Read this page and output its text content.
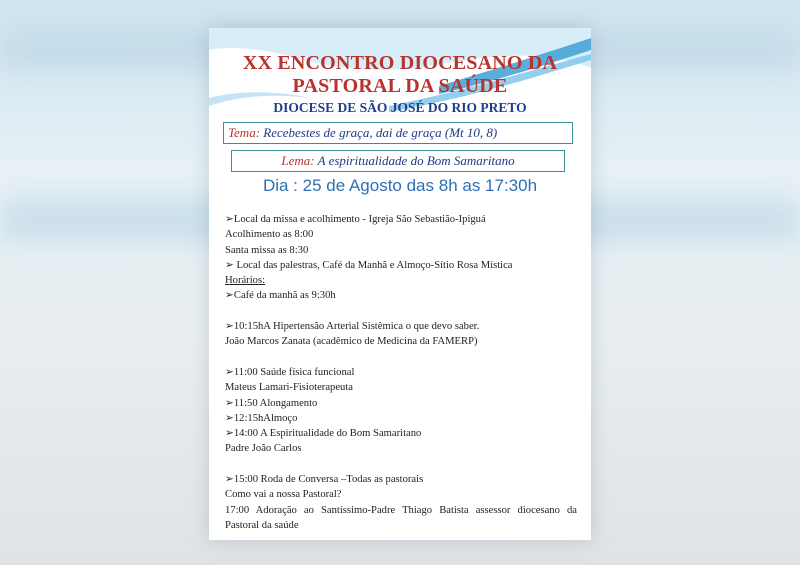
XX ENCONTRO DIOCESANO DA
PASTORAL DA SAÚDE
DIOCESE DE SÃO JOSÉ DO RIO PRETO
Tema: Recebestes de graça, dai de graça (Mt 10, 8)
Lema: A espiritualidade do Bom Samaritano
Dia : 25 de Agosto das 8h as 17:30h

➢Local da missa e acolhimento - Igreja São Sebastião-Ipiguá

Acolhimento as 8:00

Santa missa as 8:30

➢ Local das palestras, Café da Manhã e Almoço-Sítio Rosa Mística

Horários:

➢Café da manhã as 9:30h

➢10:15hA Hipertensão Arterial Sistêmica o que devo saber.

João Marcos Zanata (acadêmico de Medicina da FAMERP)

➢11:00 Saúde física funcional

Mateus Lamari-Fisioterapeuta

➢11:50 Alongamento

➢12:15hAlmoço

➢14:00 A Espiritualidade do Bom Samaritano

Padre João Carlos

➢15:00 Roda de Conversa –Todas as pastorais

Como vai a nossa Pastoral?

17:00 Adoração ao Santíssimo-Padre Thiago Batista assessor diocesano da Pastoral da saúde
